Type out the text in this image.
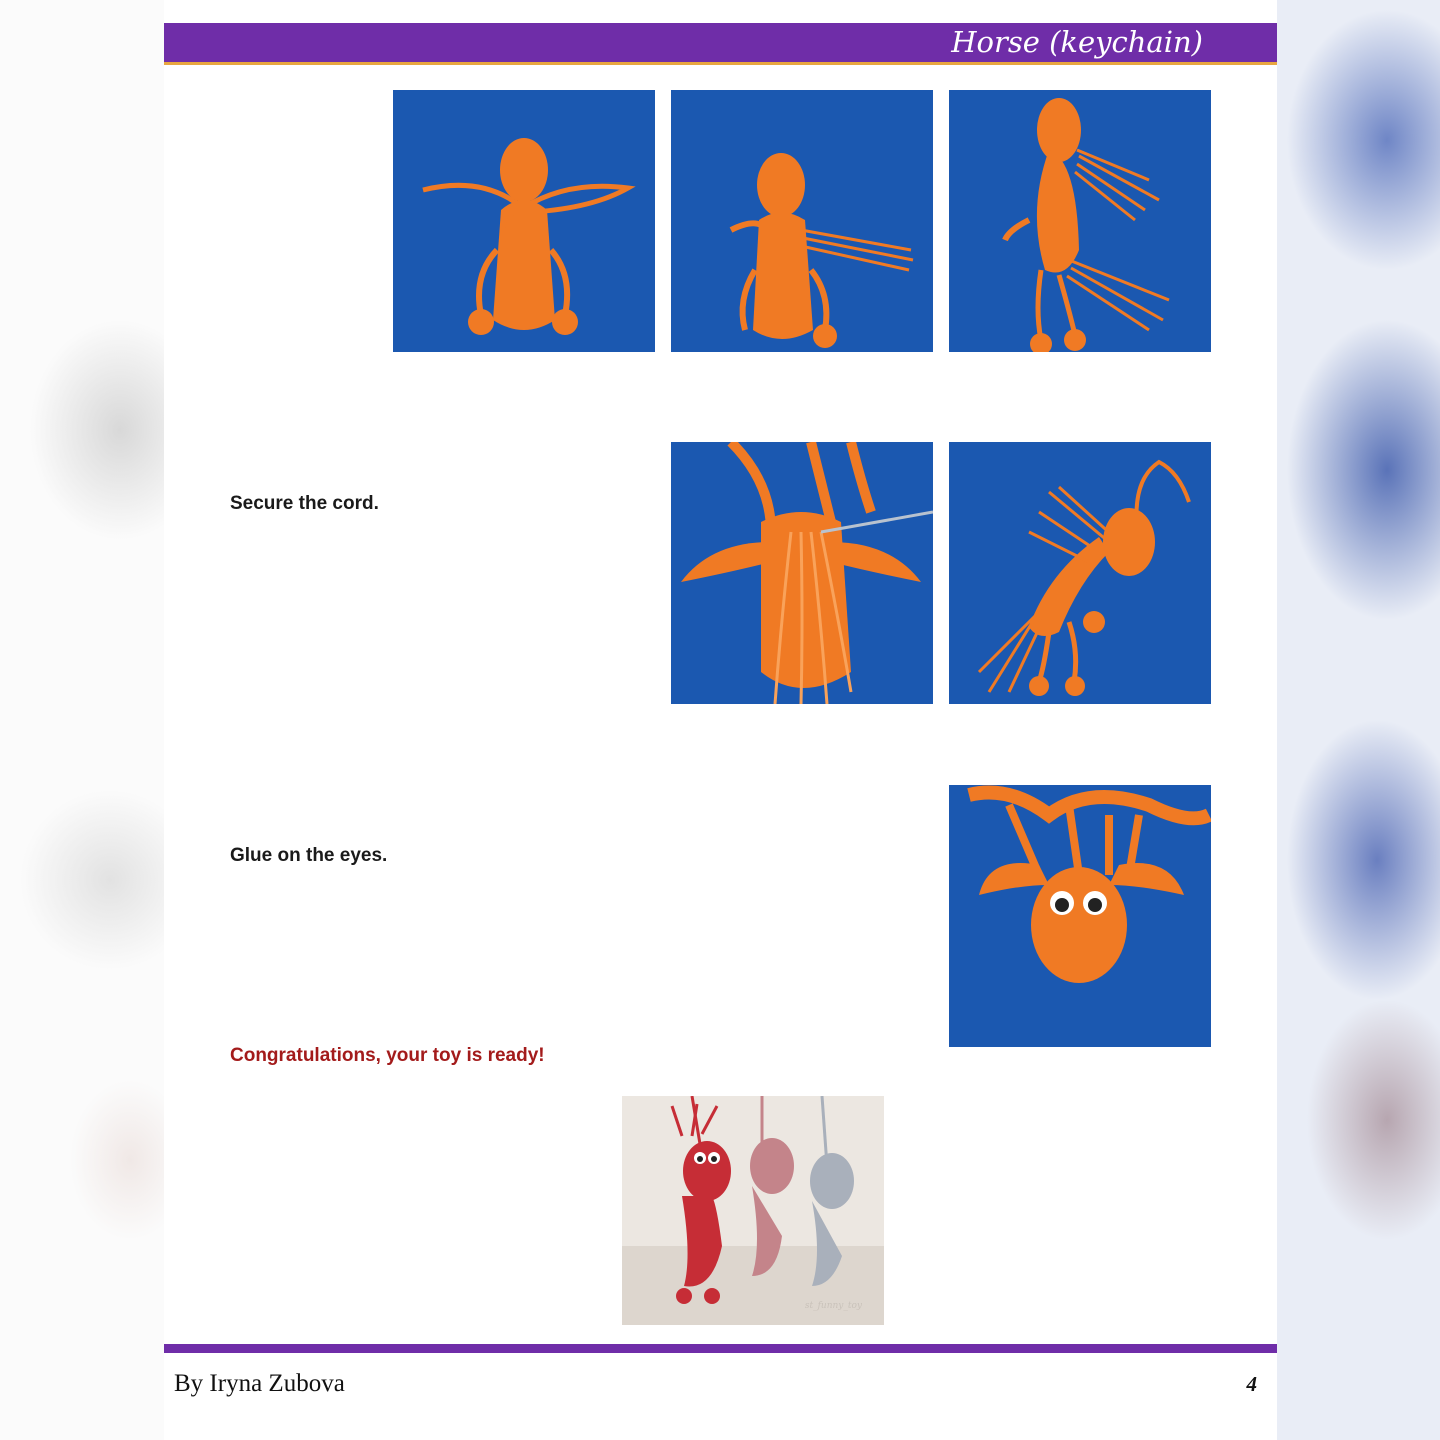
Horse (keychain)
Secure the cord.
Glue on the eyes.
Congratulations, your toy is ready!
st_funny_toy
By Iryna Zubova	4
